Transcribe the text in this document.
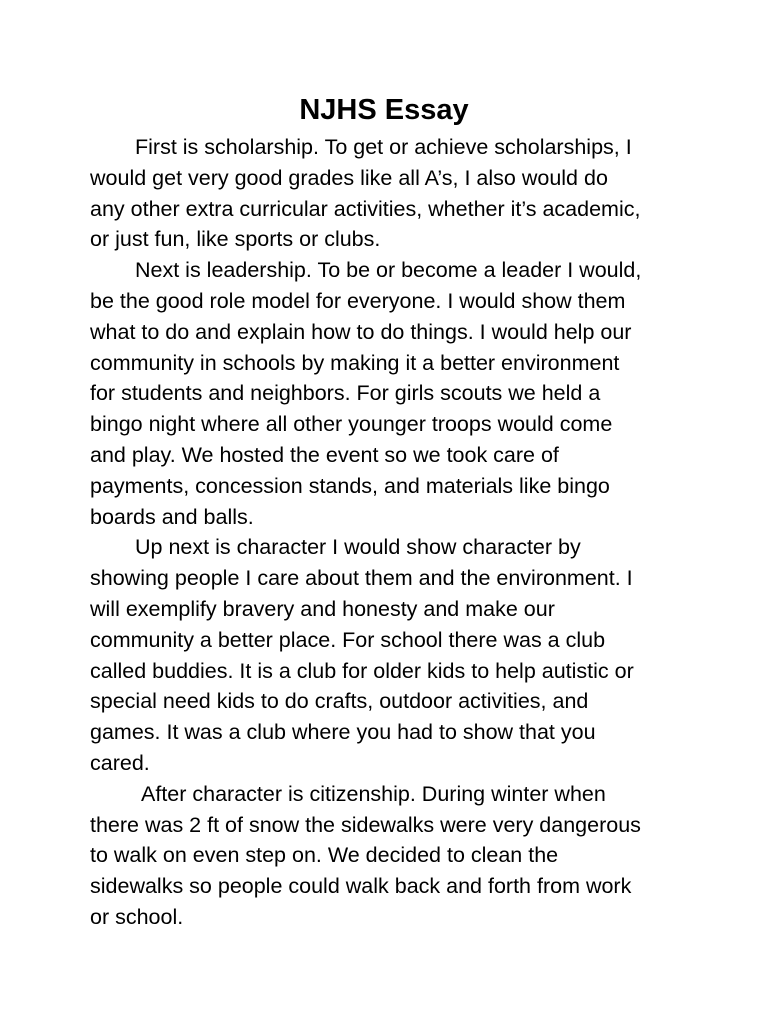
NJHS Essay
First is scholarship. To get or achieve scholarships, I
would get very good grades like all A’s, I also would do
any other extra curricular activities, whether it’s academic,
or just fun, like sports or clubs.
Next is leadership. To be or become a leader I would,
be the good role model for everyone. I would show them
what to do and explain how to do things. I would help our
community in schools by making it a better environment
for students and neighbors. For girls scouts we held a
bingo night where all other younger troops would come
and play. We hosted the event so we took care of
payments, concession stands, and materials like bingo
boards and balls.
Up next is character I would show character by
showing people I care about them and the environment. I
will exemplify bravery and honesty and make our
community a better place. For school there was a club
called buddies. It is a club for older kids to help autistic or
special need kids to do crafts, outdoor activities, and
games. It was a club where you had to show that you
cared.
After character is citizenship. During winter when
there was 2 ft of snow the sidewalks were very dangerous
to walk on even step on. We decided to clean the
sidewalks so people could walk back and forth from work
or school.
